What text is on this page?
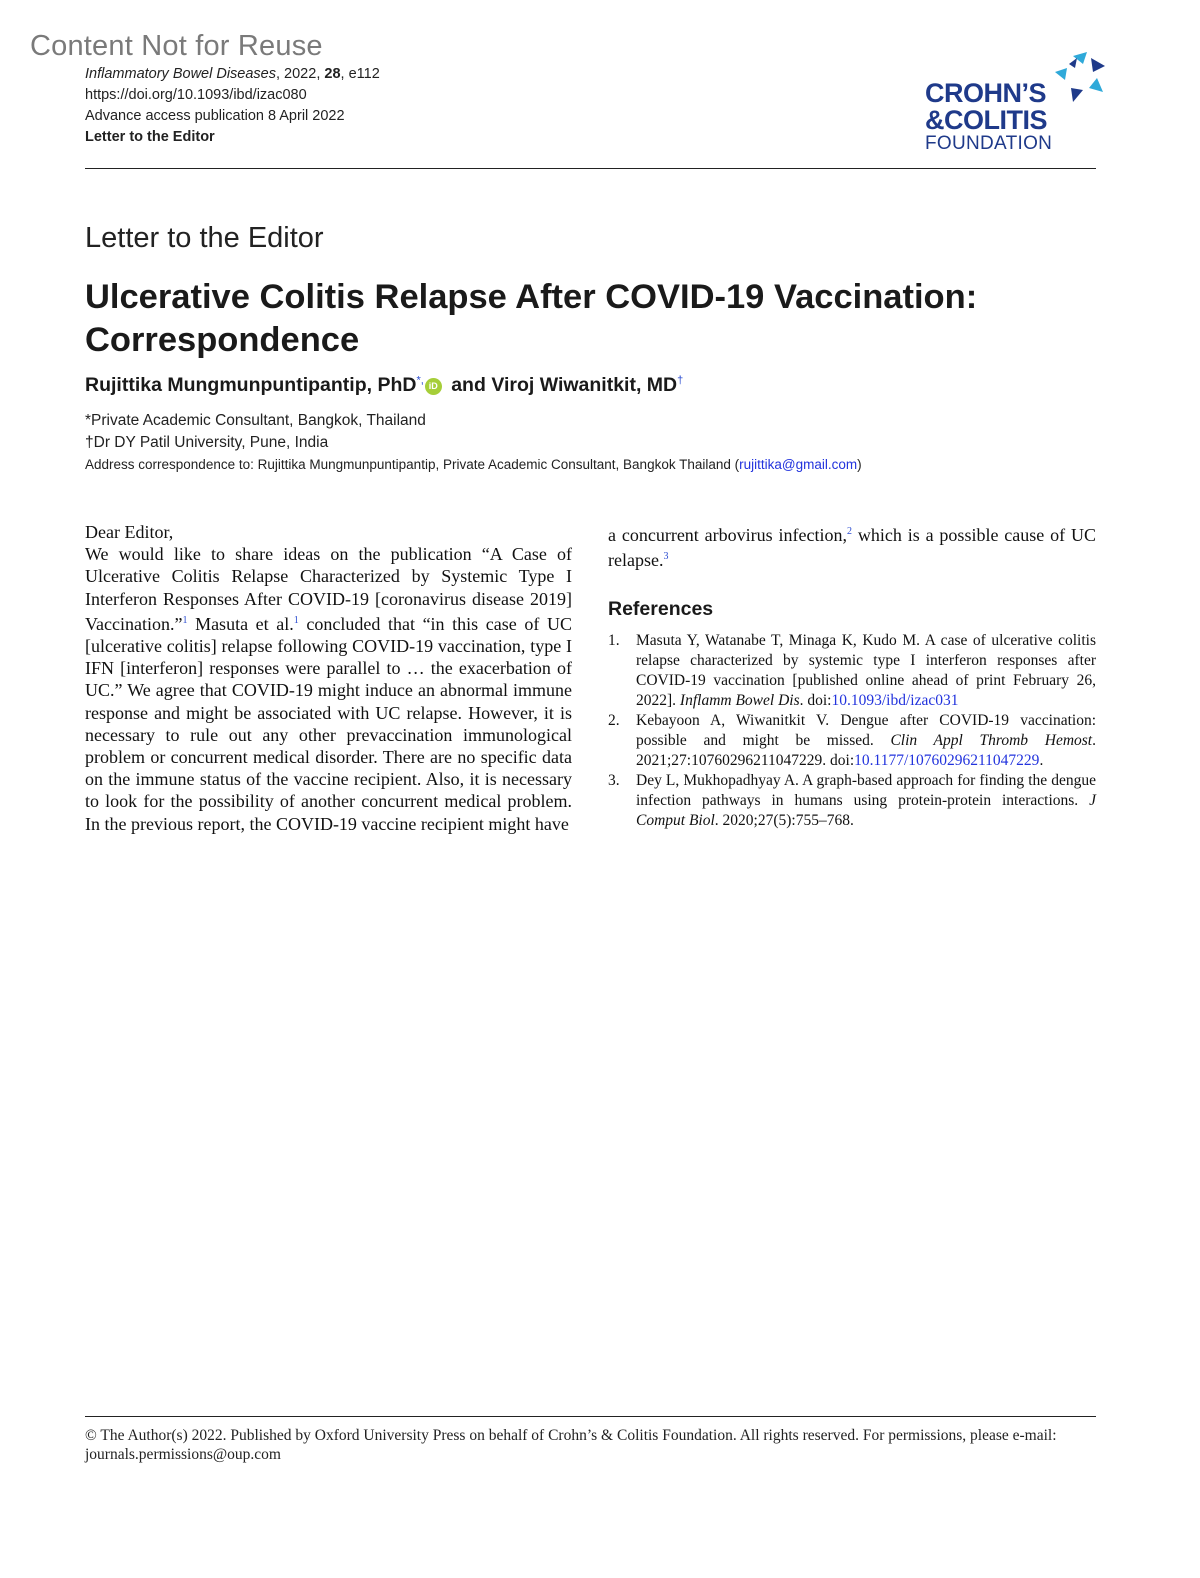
Content Not for Reuse
Inflammatory Bowel Diseases, 2022, 28, e112
https://doi.org/10.1093/ibd/izac080
Advance access publication 8 April 2022
Letter to the Editor
CROHN’S
&COLITIS
FOUNDATION
Letter to the Editor
Ulcerative Colitis Relapse After COVID-19 Vaccination:
Correspondence
Rujittika Mungmunpuntipantip, PhD*, iD and Viroj Wiwanitkit, MD†
*Private Academic Consultant, Bangkok, Thailand
†Dr DY Patil University, Pune, India
Address correspondence to: Rujittika Mungmunpuntipantip, Private Academic Consultant, Bangkok Thailand (rujittika@gmail.com)

Dear Editor,

We would like to share ideas on the publication “A Case of Ulcerative Colitis Relapse Characterized by Systemic Type I Interferon Responses After COVID-19 [coronavirus disease 2019] Vaccination.”$^1$ Masuta et al.$^1$ concluded that “in this case of UC [ulcerative colitis] relapse following COVID-19 vaccination, type I IFN [interferon] responses were parallel to … the exacerbation of UC.” We agree that COVID-19 might induce an abnormal immune response and might be associated with UC relapse. However, it is necessary to rule out any other prevaccination immunological problem or concurrent medical disorder. There are no specific data on the immune status of the vaccine recipient. Also, it is necessary to look for the possibility of another concurrent medical problem. In the previous report, the COVID-19 vaccine recipient might have

References
1. Masuta Y, Watanabe T, Minaga K, Kudo M. A case of ulcerative colitis relapse characterized by systemic type I interferon responses after COVID-19 vaccination [published online ahead of print February 26, 2022]. Inflamm Bowel Dis. doi:10.1093/ibd/izac031
2. Kebayoon A, Wiwanitkit V. Dengue after COVID-19 vaccination: possible and might be missed. Clin Appl Thromb Hemost. 2021;27:10760296211047229. doi:10.1177/10760296211047229.
3. Dey L, Mukhopadhyay A. A graph-based approach for finding the dengue infection pathways in humans using protein-protein interactions. J Comput Biol. 2020;27(5):755–768.
© The Author(s) 2022. Published by Oxford University Press on behalf of Crohn’s & Colitis Foundation. All rights reserved. For permissions, please e-mail: journals.permissions@oup.com

a concurrent arbovirus infection,$^2$ which is a possible cause of UC relapse.$^3$
